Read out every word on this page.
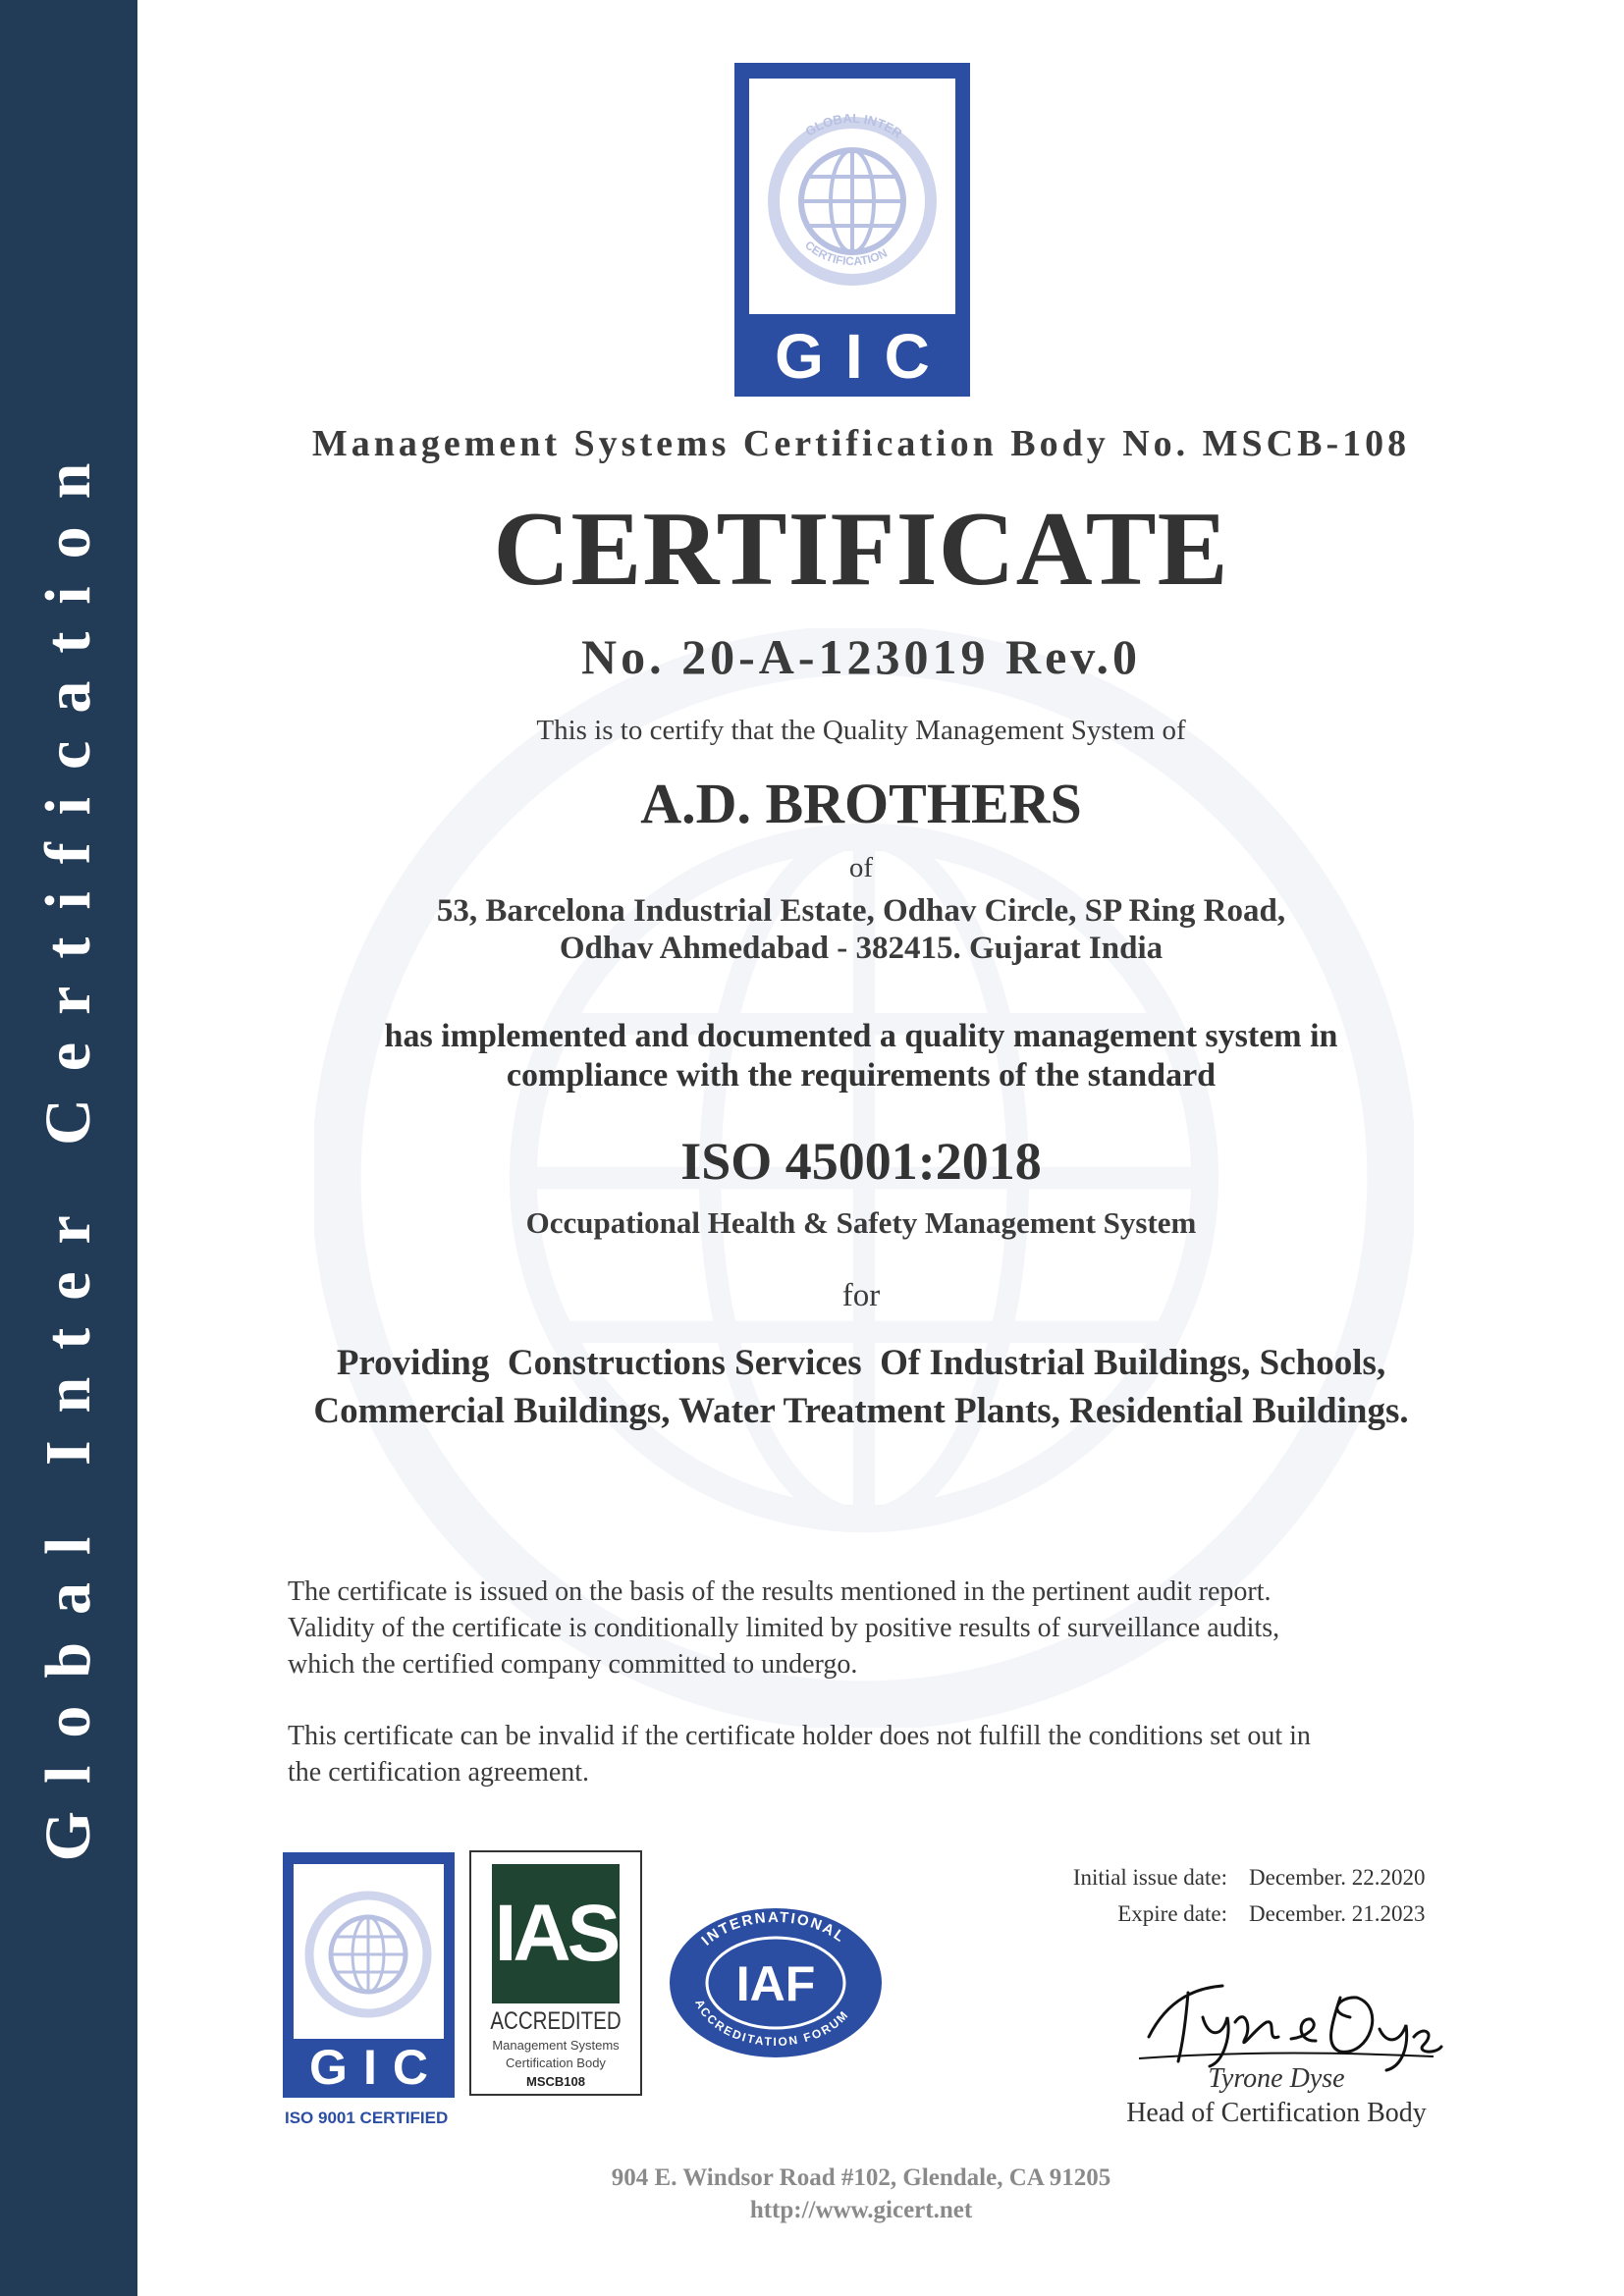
Global Inter Certification
GLOBAL INTER
CERTIFICATION
GIC
Management Systems Certification Body No. MSCB-108
CERTIFICATE
No. 20-A-123019 Rev.0
This is to certify that the Quality Management System of
A.D. BROTHERS
of
53, Barcelona Industrial Estate, Odhav Circle, SP Ring Road,
Odhav Ahmedabad - 382415. Gujarat India
has implemented and documented a quality management system in
compliance with the requirements of the standard
ISO 45001:2018
Occupational Health & Safety Management System
for
Providing  Constructions Services  Of Industrial Buildings, Schools,
Commercial Buildings, Water Treatment Plants, Residential Buildings.
The certificate is issued on the basis of the results mentioned in the pertinent audit report.
Validity of the certificate is conditionally limited by positive results of surveillance audits,
which the certified company committed to undergo.
This certificate can be invalid if the certificate holder does not fulfill the conditions set out in
the certification agreement.
GIC
ISO 9001 CERTIFIED
IAS
ACCREDITED
Management Systems
Certification Body
MSCB108
INTERNATIONAL
ACCREDITATION FORUM
IAF
Initial issue date: December. 22.2020
Expire date: December. 21.2023
Tyrone Dyse
Head of Certification Body
904 E. Windsor Road #102, Glendale, CA 91205
http://www.gicert.net
